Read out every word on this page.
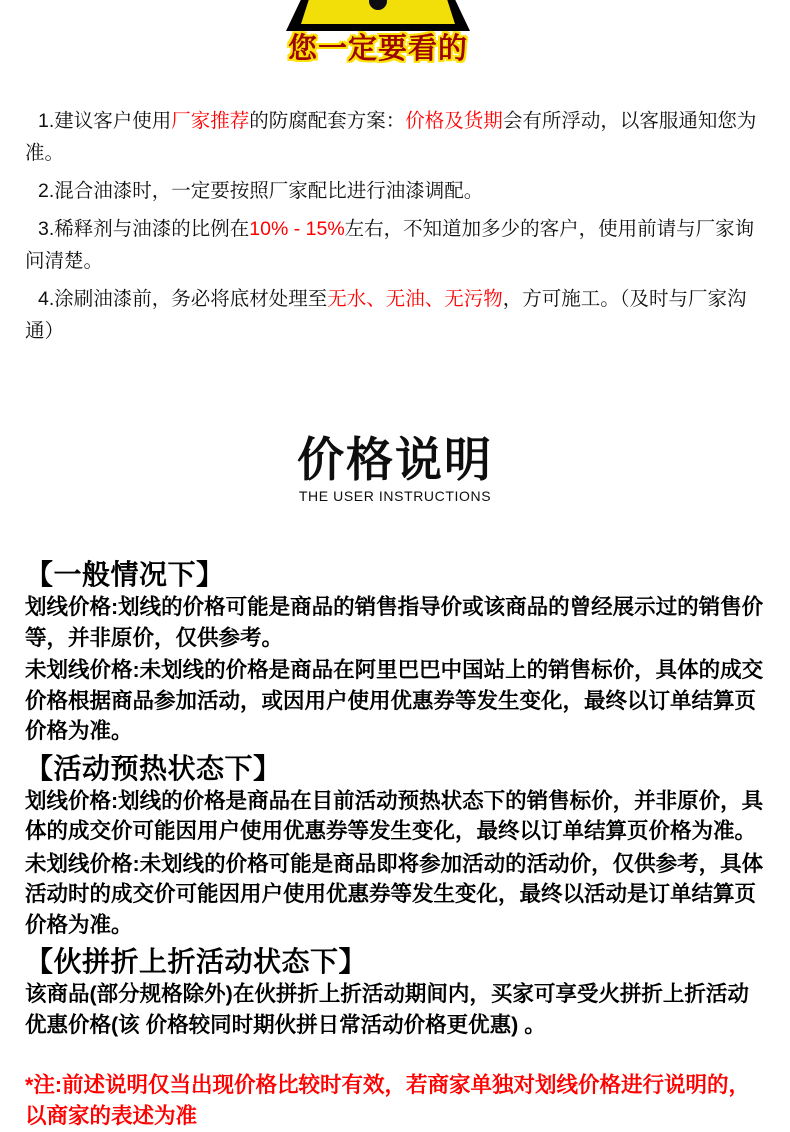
您一定要看的

1.建议客户使用厂家推荐的防腐配套方案：价格及货期会有所浮动，以客服通知您为准。

2.混合油漆时，一定要按照厂家配比进行油漆调配。

3.稀释剂与油漆的比例在10% - 15%左右，不知道加多少的客户，使用前请与厂家询问清楚。

4.涂刷油漆前，务必将底材处理至无水、无油、无污物，方可施工。（及时与厂家沟通）

价格说明
THE USER INSTRUCTIONS
【一般情况下】

划线价格:划线的价格可能是商品的销售指导价或该商品的曾经展示过的销售价等，并非原价，仅供参考。

未划线价格:未划线的价格是商品在阿里巴巴中国站上的销售标价，具体的成交价格根据商品参加活动，或因用户使用优惠券等发生变化，最终以订单结算页价格为准。

【活动预热状态下】

划线价格:划线的价格是商品在目前活动预热状态下的销售标价，并非原价，具体的成交价可能因用户使用优惠券等发生变化，最终以订单结算页价格为准。

未划线价格:未划线的价格可能是商品即将参加活动的活动价，仅供参考，具体活动时的成交价可能因用户使用优惠券等发生变化，最终以活动是订单结算页价格为准。

【伙拼折上折活动状态下】

该商品(部分规格除外)在伙拼折上折活动期间内，买家可享受火拼折上折活动优惠价格(该 价格较同时期伙拼日常活动价格更优惠) 。

*注:前述说明仅当出现价格比较时有效，若商家单独对划线价格进行说明的，以商家的表述为准
